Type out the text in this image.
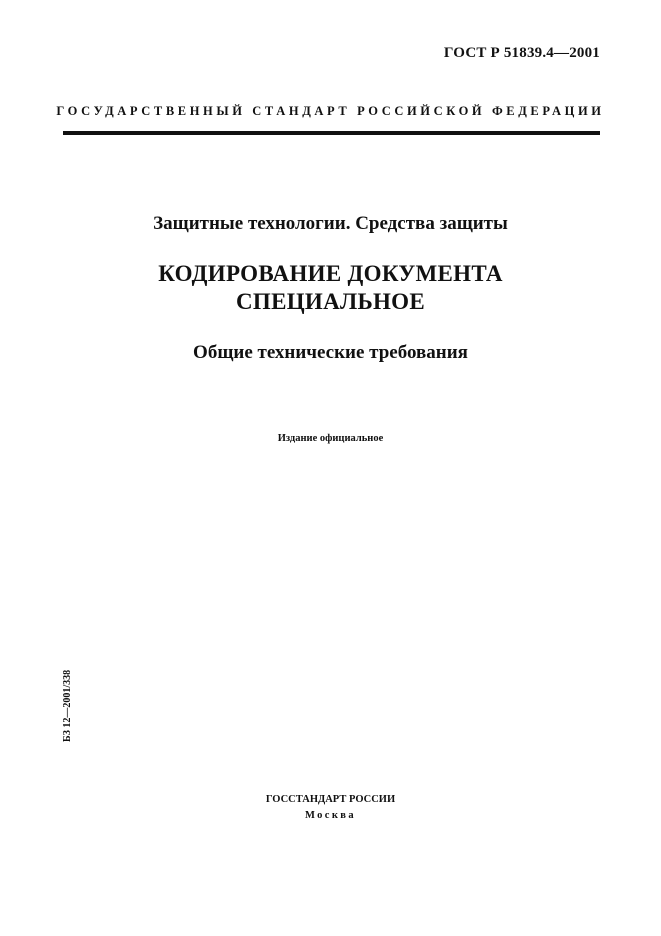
ГОСТ Р 51839.4—2001
ГОСУДАРСТВЕННЫЙ СТАНДАРТ РОССИЙСКОЙ ФЕДЕРАЦИИ
Защитные технологии. Средства защиты
КОДИРОВАНИЕ ДОКУМЕНТА
СПЕЦИАЛЬНОЕ
Общие технические требования
Издание официальное
БЗ 12—2001/338
ГОССТАНДАРТ РОССИИ
Москва
